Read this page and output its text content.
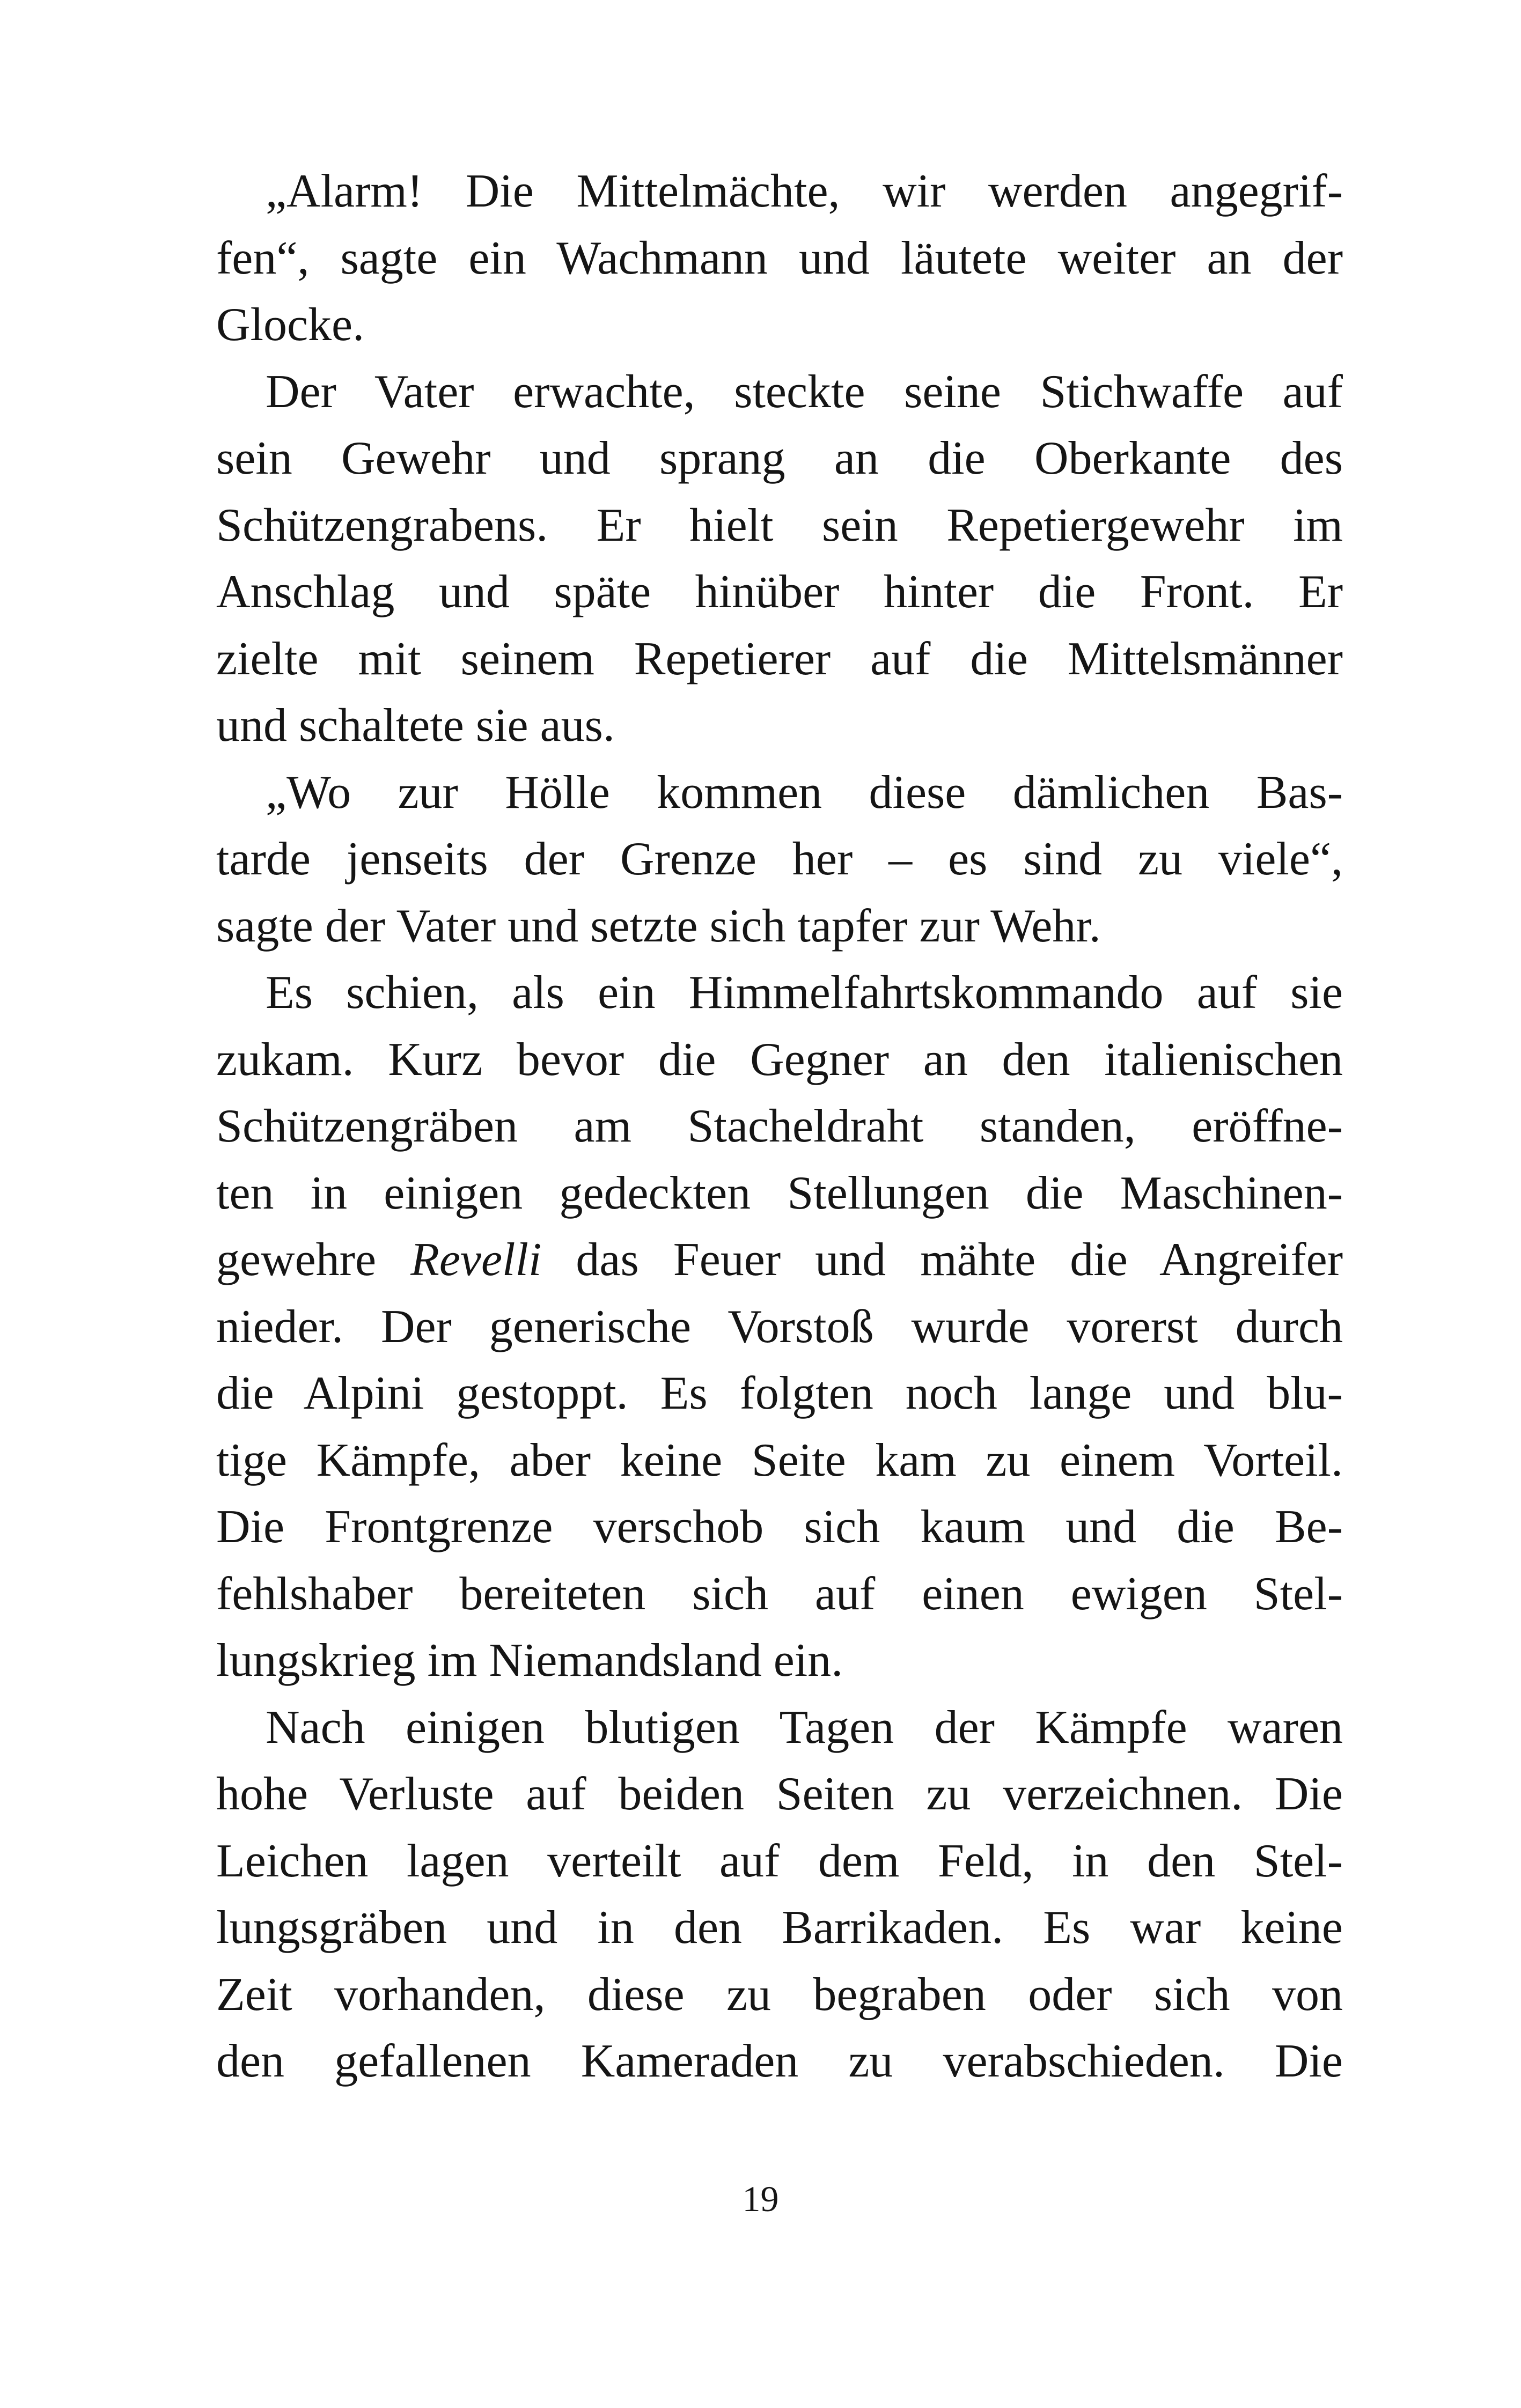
„Alarm! Die Mittelmächte, wir werden angegrif-
fen“, sagte ein Wachmann und läutete weiter an der
Glocke.
Der Vater erwachte, steckte seine Stichwaffe auf
sein Gewehr und sprang an die Oberkante des
Schützengrabens. Er hielt sein Repetiergewehr im
Anschlag und späte hinüber hinter die Front. Er
zielte mit seinem Repetierer auf die Mittelsmänner
und schaltete sie aus.
„Wo zur Hölle kommen diese dämlichen Bas-
tarde jenseits der Grenze her – es sind zu viele“,
sagte der Vater und setzte sich tapfer zur Wehr.
Es schien, als ein Himmelfahrtskommando auf sie
zukam. Kurz bevor die Gegner an den italienischen
Schützengräben am Stacheldraht standen, eröffne-
ten in einigen gedeckten Stellungen die Maschinen-
gewehre Revelli das Feuer und mähte die Angreifer
nieder. Der generische Vorstoß wurde vorerst durch
die Alpini gestoppt. Es folgten noch lange und blu-
tige Kämpfe, aber keine Seite kam zu einem Vorteil.
Die Frontgrenze verschob sich kaum und die Be-
fehlshaber bereiteten sich auf einen ewigen Stel-
lungskrieg im Niemandsland ein.
Nach einigen blutigen Tagen der Kämpfe waren
hohe Verluste auf beiden Seiten zu verzeichnen. Die
Leichen lagen verteilt auf dem Feld, in den Stel-
lungsgräben und in den Barrikaden. Es war keine
Zeit vorhanden, diese zu begraben oder sich von
den gefallenen Kameraden zu verabschieden. Die
19
